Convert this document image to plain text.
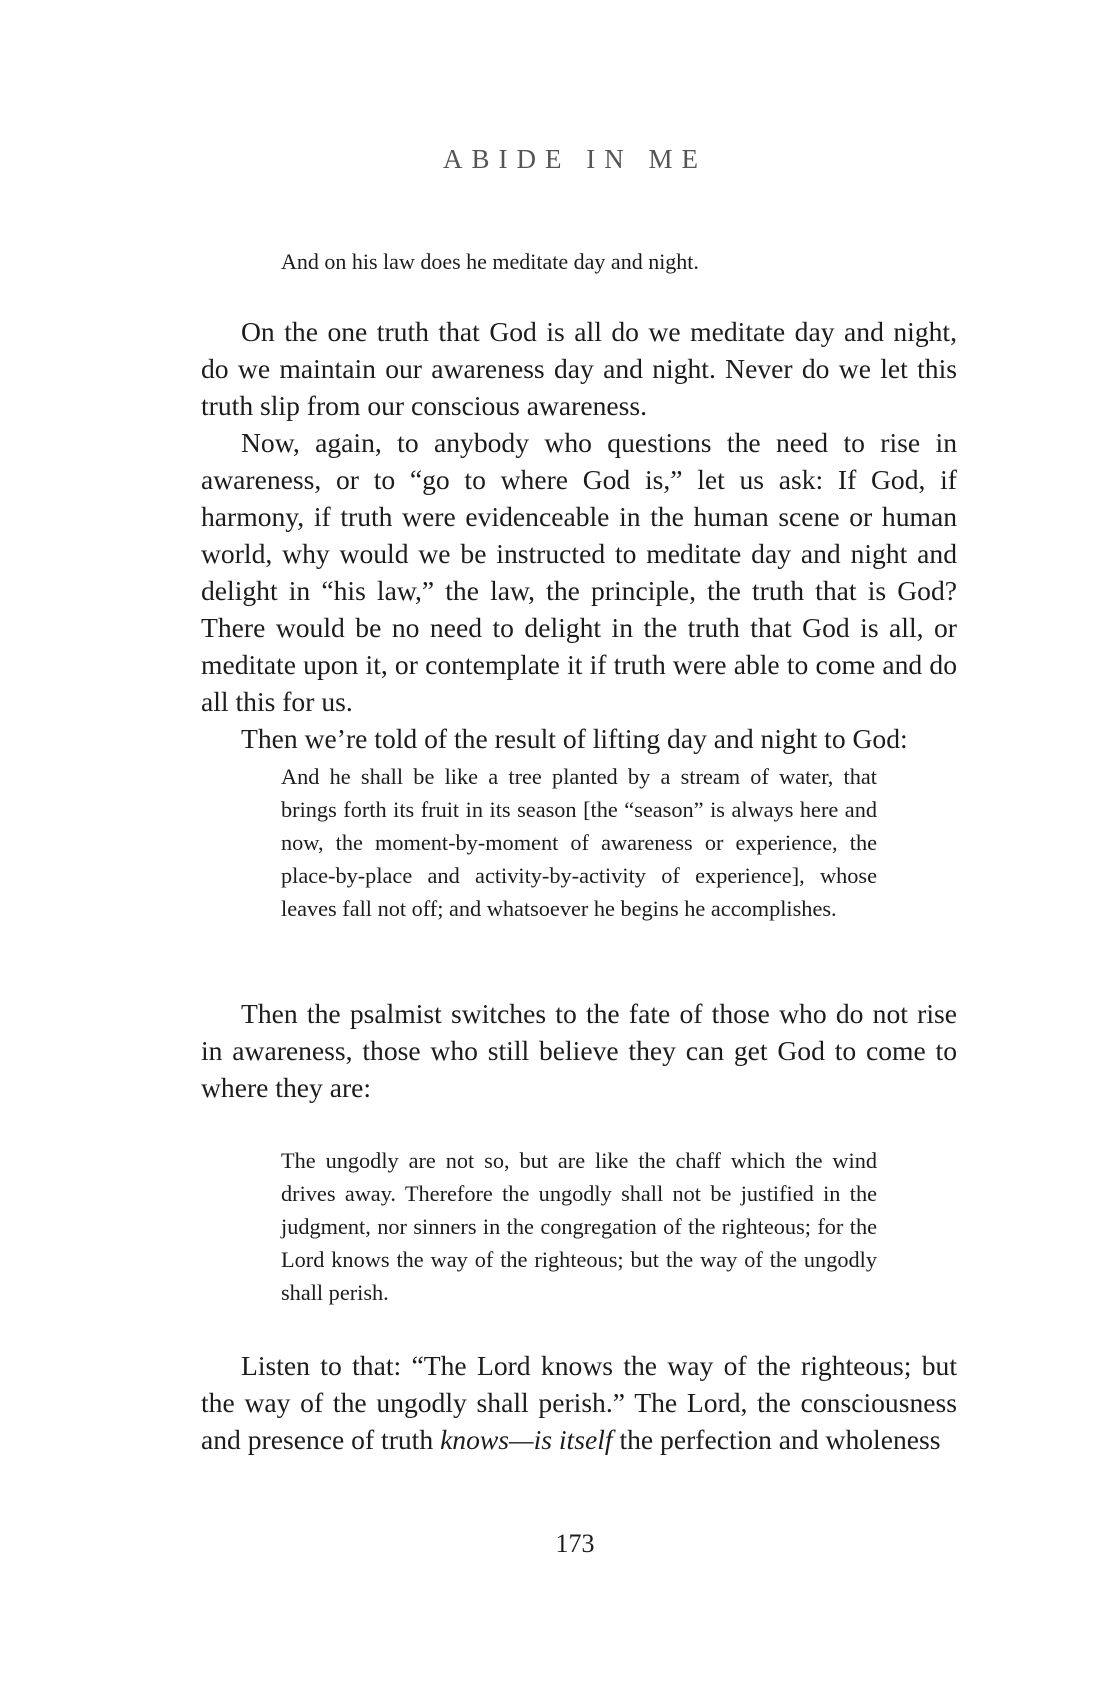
ABIDE IN ME
And on his law does he meditate day and night.

On the one truth that God is all do we meditate day and night, do we maintain our awareness day and night. Never do we let this truth slip from our conscious awareness.

Now, again, to anybody who questions the need to rise in awareness, or to “go to where God is,” let us ask: If God, if harmony, if truth were evidenceable in the human scene or human world, why would we be instructed to meditate day and night and delight in “his law,” the law, the principle, the truth that is God? There would be no need to delight in the truth that God is all, or meditate upon it, or contemplate it if truth were able to come and do all this for us.

Then we’re told of the result of lifting day and night to God:

And he shall be like a tree planted by a stream of water, that brings forth its fruit in its season [the “season” is always here and now, the moment-by-moment of awareness or experience, the place-by-place and activity-by-activity of experience], whose leaves fall not off; and whatsoever he begins he accomplishes.

Then the psalmist switches to the fate of those who do not rise in awareness, those who still believe they can get God to come to where they are:

The ungodly are not so, but are like the chaff which the wind drives away. Therefore the ungodly shall not be justified in the judgment, nor sinners in the congregation of the righteous; for the Lord knows the way of the righteous; but the way of the ungodly shall perish.

Listen to that: “The Lord knows the way of the righteous; but the way of the ungodly shall perish.” The Lord, the consciousness and presence of truth knows—is itself the perfection and wholeness

173
